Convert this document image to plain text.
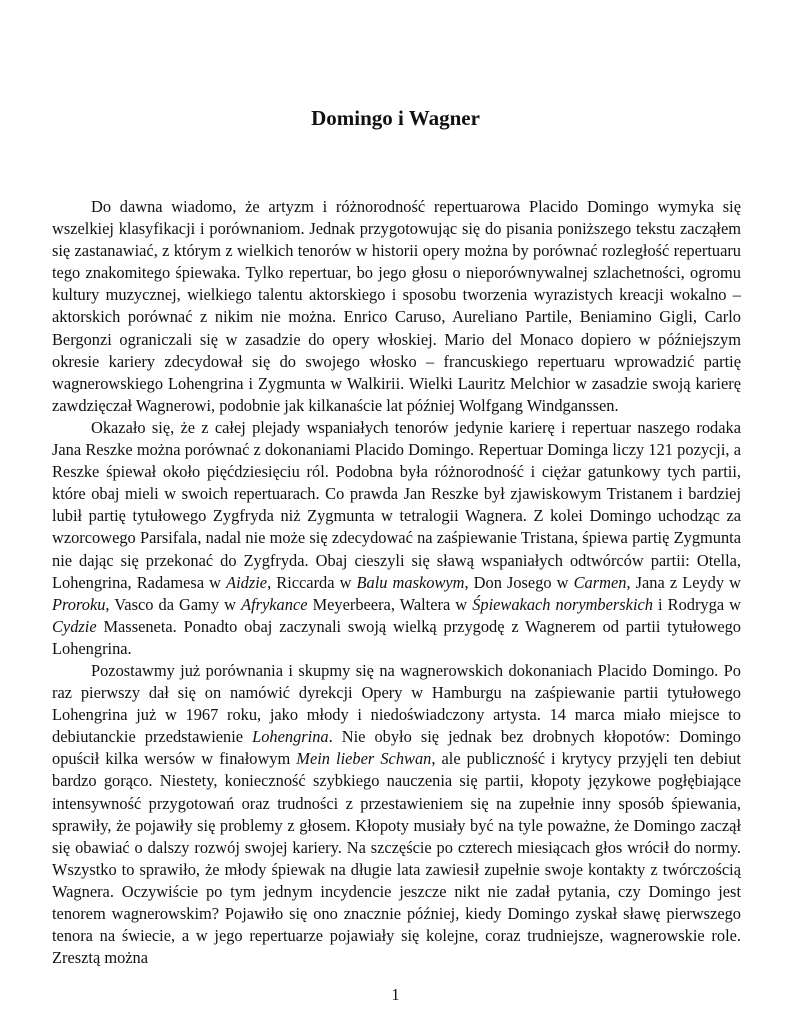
Domingo i Wagner

Do dawna wiadomo, że artyzm i różnorodność repertuarowa Placido Domingo wymyka się wszelkiej klasyfikacji i porównaniom. Jednak przygotowując się do pisania poniższego tekstu zacząłem się zastanawiać, z którym z wielkich tenorów w historii opery można by porównać rozległość repertuaru tego znakomitego śpiewaka. Tylko repertuar, bo jego głosu o nieporównywalnej szlachetności, ogromu kultury muzycznej, wielkiego talentu aktorskiego i sposobu tworzenia wyrazistych kreacji wokalno – aktorskich porównać z nikim nie można. Enrico Caruso, Aureliano Partile, Beniamino Gigli, Carlo Bergonzi ograniczali się w zasadzie do opery włoskiej. Mario del Monaco dopiero w późniejszym okresie kariery zdecydował się do swojego włosko – francuskiego repertuaru wprowadzić partię wagnerowskiego Lohengrina i Zygmunta w Walkirii. Wielki Lauritz Melchior w zasadzie swoją karierę zawdzięczał Wagnerowi, podobnie jak kilkanaście lat później Wolfgang Windganssen.

Okazało się, że z całej plejady wspaniałych tenorów jedynie karierę i repertuar naszego rodaka Jana Reszke można porównać z dokonaniami Placido Domingo. Repertuar Dominga liczy 121 pozycji, a Reszke śpiewał około pięćdziesięciu ról. Podobna była różnorodność i ciężar gatunkowy tych partii, które obaj mieli w swoich repertuarach. Co prawda Jan Reszke był zjawiskowym Tristanem i bardziej lubił partię tytułowego Zygfryda niż Zygmunta w tetralogii Wagnera. Z kolei Domingo uchodząc za wzorcowego Parsifala, nadal nie może się zdecydować na zaśpiewanie Tristana, śpiewa partię Zygmunta nie dając się przekonać do Zygfryda. Obaj cieszyli się sławą wspaniałych odtwórców partii: Otella, Lohengrina, Radamesa w Aidzie, Riccarda w Balu maskowym, Don Josego w Carmen, Jana z Leydy w Proroku, Vasco da Gamy w Afrykance Meyerbeera, Waltera w Śpiewakach norymberskich i Rodryga w Cydzie Masseneta. Ponadto obaj zaczynali swoją wielką przygodę z Wagnerem od partii tytułowego Lohengrina.

Pozostawmy już porównania i skupmy się na wagnerowskich dokonaniach Placido Domingo. Po raz pierwszy dał się on namówić dyrekcji Opery w Hamburgu na zaśpiewanie partii tytułowego Lohengrina już w 1967 roku, jako młody i niedoświadczony artysta. 14 marca miało miejsce to debiutanckie przedstawienie Lohengrina. Nie obyło się jednak bez drobnych kłopotów: Domingo opuścił kilka wersów w finałowym Mein lieber Schwan, ale publiczność i krytycy przyjęli ten debiut bardzo gorąco. Niestety, konieczność szybkiego nauczenia się partii, kłopoty językowe pogłębiające intensywność przygotowań oraz trudności z przestawieniem się na zupełnie inny sposób śpiewania, sprawiły, że pojawiły się problemy z głosem. Kłopoty musiały być na tyle poważne, że Domingo zaczął się obawiać o dalszy rozwój swojej kariery. Na szczęście po czterech miesiącach głos wrócił do normy. Wszystko to sprawiło, że młody śpiewak na długie lata zawiesił zupełnie swoje kontakty z twórczością Wagnera. Oczywiście po tym jednym incydencie jeszcze nikt nie zadał pytania, czy Domingo jest tenorem wagnerowskim? Pojawiło się ono znacznie później, kiedy Domingo zyskał sławę pierwszego tenora na świecie, a w jego repertuarze pojawiały się kolejne, coraz trudniejsze, wagnerowskie role. Zresztą można

1
